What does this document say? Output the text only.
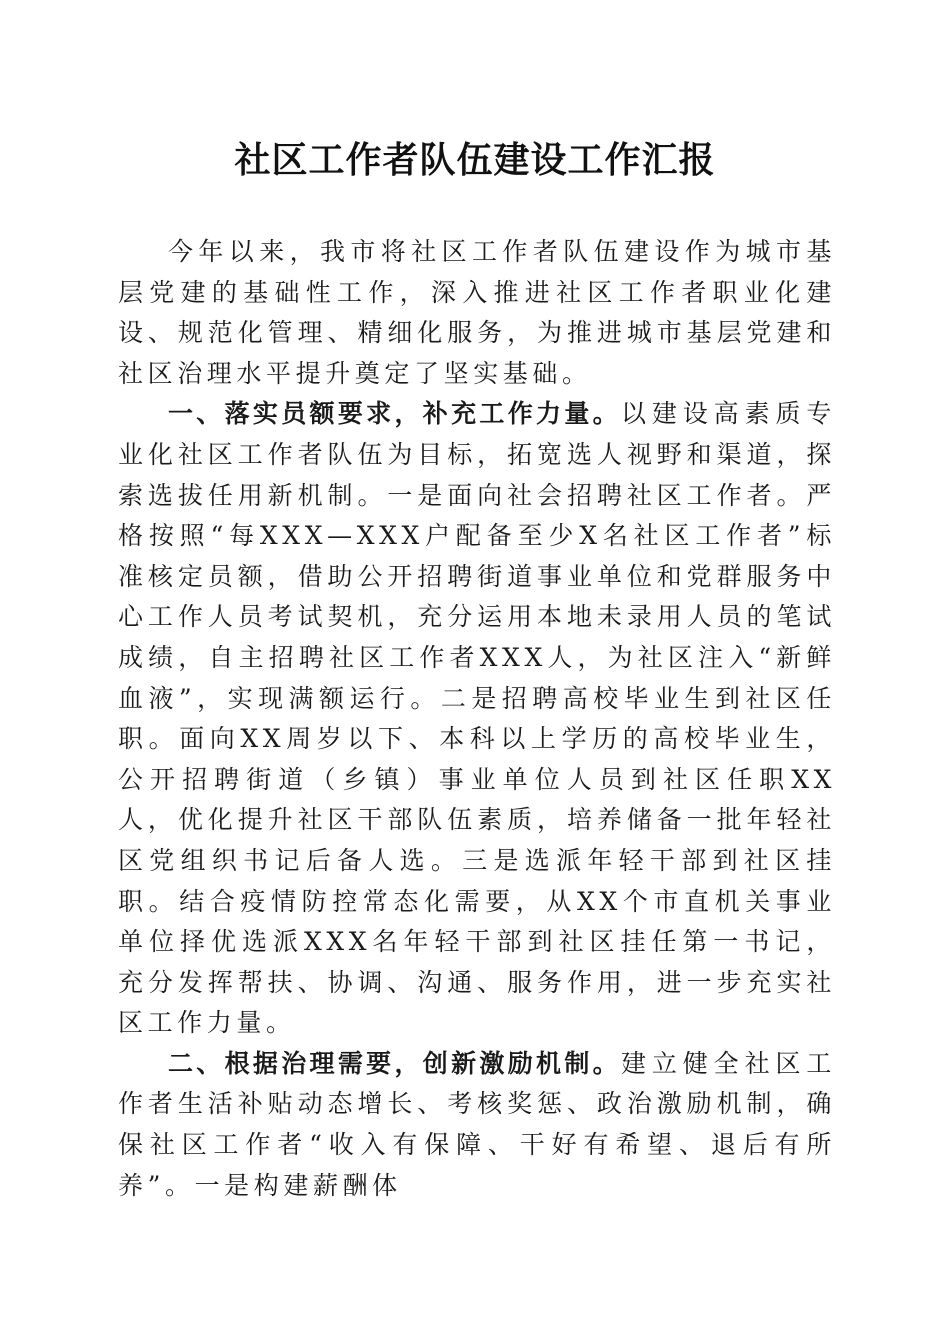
社区工作者队伍建设工作汇报

今年以来，我市将社区工作者队伍建设作为城市基层党建的基础性工作，深入推进社区工作者职业化建设、规范化管理、精细化服务，为推进城市基层党建和社区治理水平提升奠定了坚实基础。

一、落实员额要求，补充工作力量。以建设高素质专业化社区工作者队伍为目标，拓宽选人视野和渠道，探索选拔任用新机制。一是面向社会招聘社区工作者。严格按照“每XXX—XXX户配备至少X名社区工作者”标准核定员额，借助公开招聘街道事业单位和党群服务中心工作人员考试契机，充分运用本地未录用人员的笔试成绩，自主招聘社区工作者XXX人，为社区注入“新鲜血液”，实现满额运行。二是招聘高校毕业生到社区任职。面向XX周岁以下、本科以上学历的高校毕业生，公开招聘街道（乡镇）事业单位人员到社区任职XX人，优化提升社区干部队伍素质，培养储备一批年轻社区党组织书记后备人选。三是选派年轻干部到社区挂职。结合疫情防控常态化需要，从XX个市直机关事业单位择优选派XXX名年轻干部到社区挂任第一书记，充分发挥帮扶、协调、沟通、服务作用，进一步充实社区工作力量。

二、根据治理需要，创新激励机制。建立健全社区工作者生活补贴动态增长、考核奖惩、政治激励机制，确保社区工作者“收入有保障、干好有希望、退后有所养”。一是构建薪酬体
